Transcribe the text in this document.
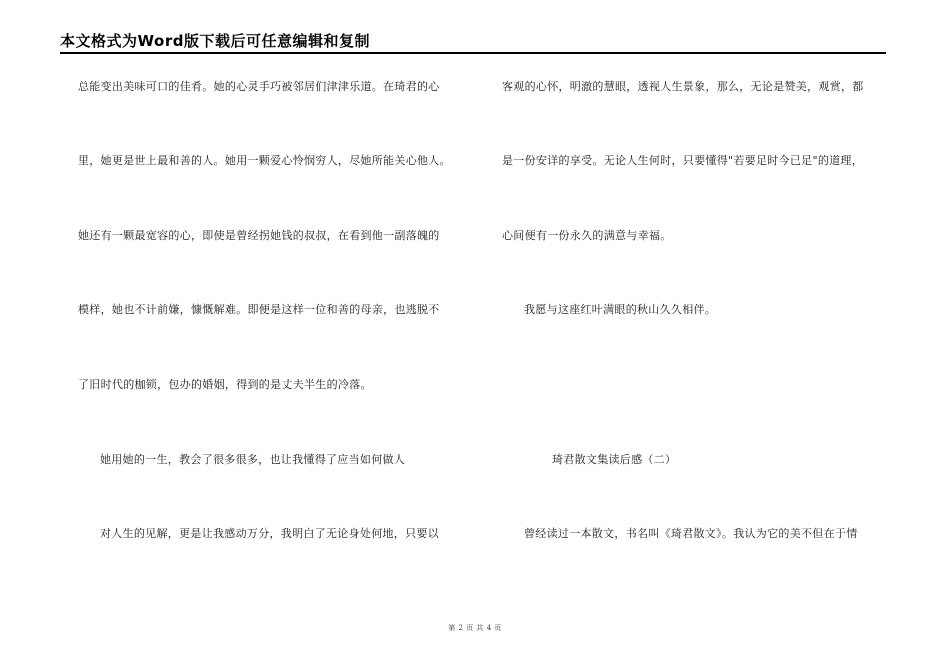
本文格式为Word版下载后可任意编辑和复制
总能变出美味可口的佳肴。她的心灵手巧被邻居们津津乐道。在琦君的心
里，她更是世上最和善的人。她用一颗爱心怜悯穷人，尽她所能关心他人。
她还有一颗最宽容的心，即使是曾经拐她钱的叔叔，在看到他一副落魄的
模样，她也不计前嫌，慷慨解难。即便是这样一位和善的母亲，也逃脱不
了旧时代的枷锁，包办的婚姻，得到的是丈夫半生的冷落。
她用她的一生，教会了很多很多，也让我懂得了应当如何做人
对人生的见解，更是让我感动万分，我明白了无论身处何地，只要以
客观的心怀，明澈的慧眼，透视人生景象，那么，无论是赞美，观赏，都
是一份安详的享受。无论人生何时，只要懂得"若要足时今已足"的道理，
心间便有一份永久的满意与幸福。
我愿与这座红叶满眼的秋山久久相伴。
琦君散文集读后感（二）
曾经读过一本散文，书名叫《琦君散文》。我认为它的美不但在于情
第 2 页 共 4 页
